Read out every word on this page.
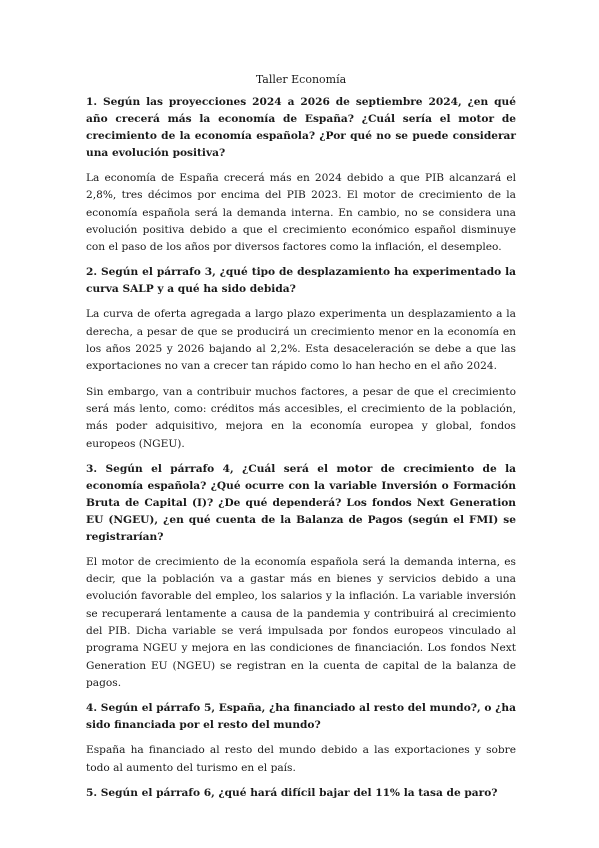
Taller Economía

1. Según las proyecciones 2024 a 2026 de septiembre 2024, ¿en qué año crecerá más la economía de España? ¿Cuál sería el motor de crecimiento de la economía española? ¿Por qué no se puede considerar una evolución positiva?

La economía de España crecerá más en 2024 debido a que PIB alcanzará el 2,8%, tres décimos por encima del PIB 2023. El motor de crecimiento de la economía española será la demanda interna. En cambio, no se considera una evolución positiva debido a que el crecimiento económico español disminuye con el paso de los años por diversos factores como la inflación, el desempleo.

2. Según el párrafo 3, ¿qué tipo de desplazamiento ha experimentado la curva SALP y a qué ha sido debida?

La curva de oferta agregada a largo plazo experimenta un desplazamiento a la derecha, a pesar de que se producirá un crecimiento menor en la economía en los años 2025 y 2026 bajando al 2,2%. Esta desaceleración se debe a que las exportaciones no van a crecer tan rápido como lo han hecho en el año 2024.

Sin embargo, van a contribuir muchos factores, a pesar de que el crecimiento será más lento, como: créditos más accesibles, el crecimiento de la población, más poder adquisitivo, mejora en la economía europea y global, fondos europeos (NGEU).

3. Según el párrafo 4, ¿Cuál será el motor de crecimiento de la economía española? ¿Qué ocurre con la variable Inversión o Formación Bruta de Capital (I)? ¿De qué dependerá? Los fondos Next Generation EU (NGEU), ¿en qué cuenta de la Balanza de Pagos (según el FMI) se registrarían?

El motor de crecimiento de la economía española será la demanda interna, es decir, que la población va a gastar más en bienes y servicios debido a una evolución favorable del empleo, los salarios y la inflación. La variable inversión se recuperará lentamente a causa de la pandemia y contribuirá al crecimiento del PIB. Dicha variable se verá impulsada por fondos europeos vinculado al programa NGEU y mejora en las condiciones de financiación. Los fondos Next Generation EU (NGEU) se registran en la cuenta de capital de la balanza de pagos.

4. Según el párrafo 5, España, ¿ha financiado al resto del mundo?, o ¿ha sido financiada por el resto del mundo?

España ha financiado al resto del mundo debido a las exportaciones y sobre todo al aumento del turismo en el país.

5. Según el párrafo 6, ¿qué hará difícil bajar del 11% la tasa de paro?
